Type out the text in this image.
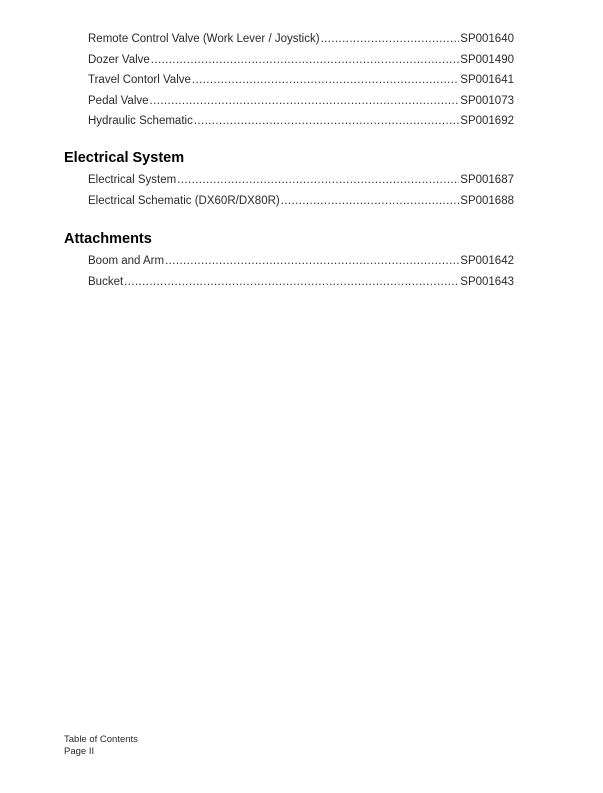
Remote Control Valve (Work Lever / Joystick) .....	SP001640
Dozer Valve .....	SP001490
Travel Contorl Valve .....	SP001641
Pedal Valve .....	SP001073
Hydraulic Schematic .....	SP001692
Electrical System
Electrical System .....	SP001687
Electrical Schematic (DX60R/DX80R) .....	SP001688
Attachments
Boom and Arm .....	SP001642
Bucket .....	SP001643
Table of Contents
Page II
